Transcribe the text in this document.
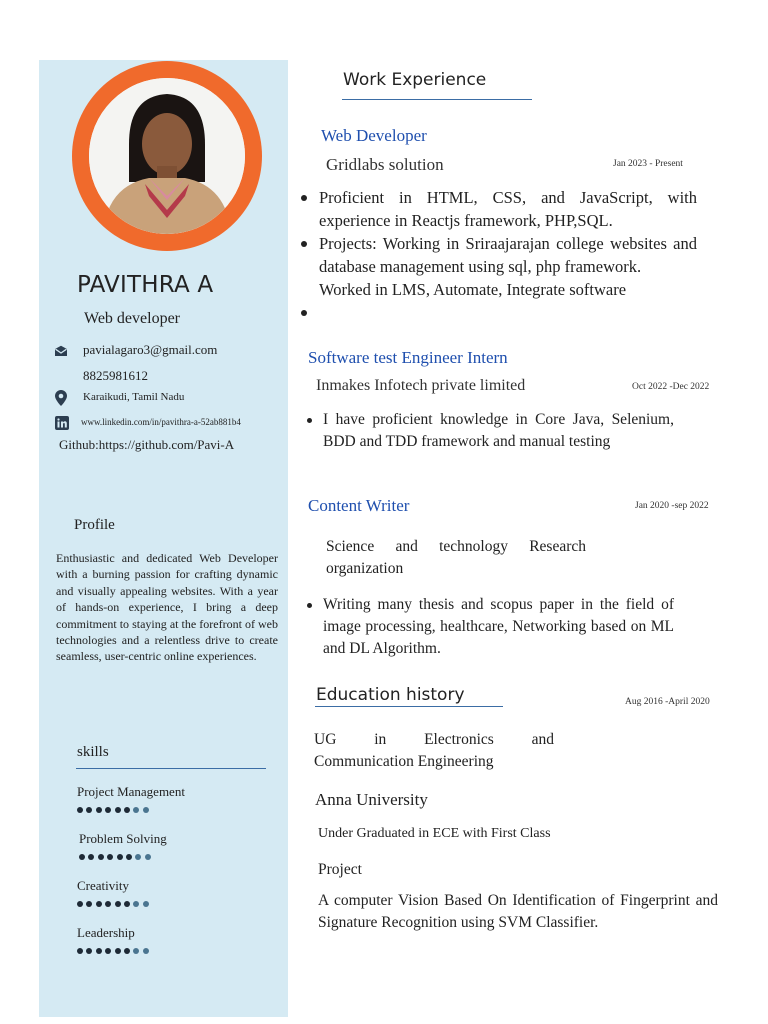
PAVITHRA A
Web developer
pavialagaro3@gmail.com
8825981612
Karaikudi, Tamil Nadu
www.linkedin.com/in/pavithra-a-52ab881b4
Github:https://github.com/Pavi-A
Profile
Enthusiastic and dedicated Web Developer with a burning passion for crafting dynamic and visually appealing websites. With a year of hands-on experience, I bring a deep commitment to staying at the forefront of web technologies and a relentless drive to create seamless, user-centric online experiences.
skills
Project Management
Problem Solving
Creativity
Leadership
Work Experience
Web Developer
Gridlabs solution	Jan 2023 - Present
Proficient in HTML, CSS, and JavaScript, with experience in Reactjs framework, PHP,SQL.
Projects: Working in Sriraajarajan college websites and database management using sql, php framework.
Worked in LMS, Automate, Integrate software
Software test Engineer Intern
Inmakes Infotech private limited	Oct 2022 -Dec 2022
I have proficient knowledge in Core Java, Selenium, BDD and TDD framework and manual testing
Content Writer	Jan 2020 -sep 2022
Science and technology Research organization
Writing many thesis and scopus paper in the field of image processing, healthcare, Networking based on ML and DL Algorithm.
Education history	Aug 2016 -April 2020
UG in Electronics and Communication Engineering
Anna University
Under Graduated in ECE with First Class
Project
A computer Vision Based On Identification of Fingerprint and Signature Recognition using SVM Classifier.
